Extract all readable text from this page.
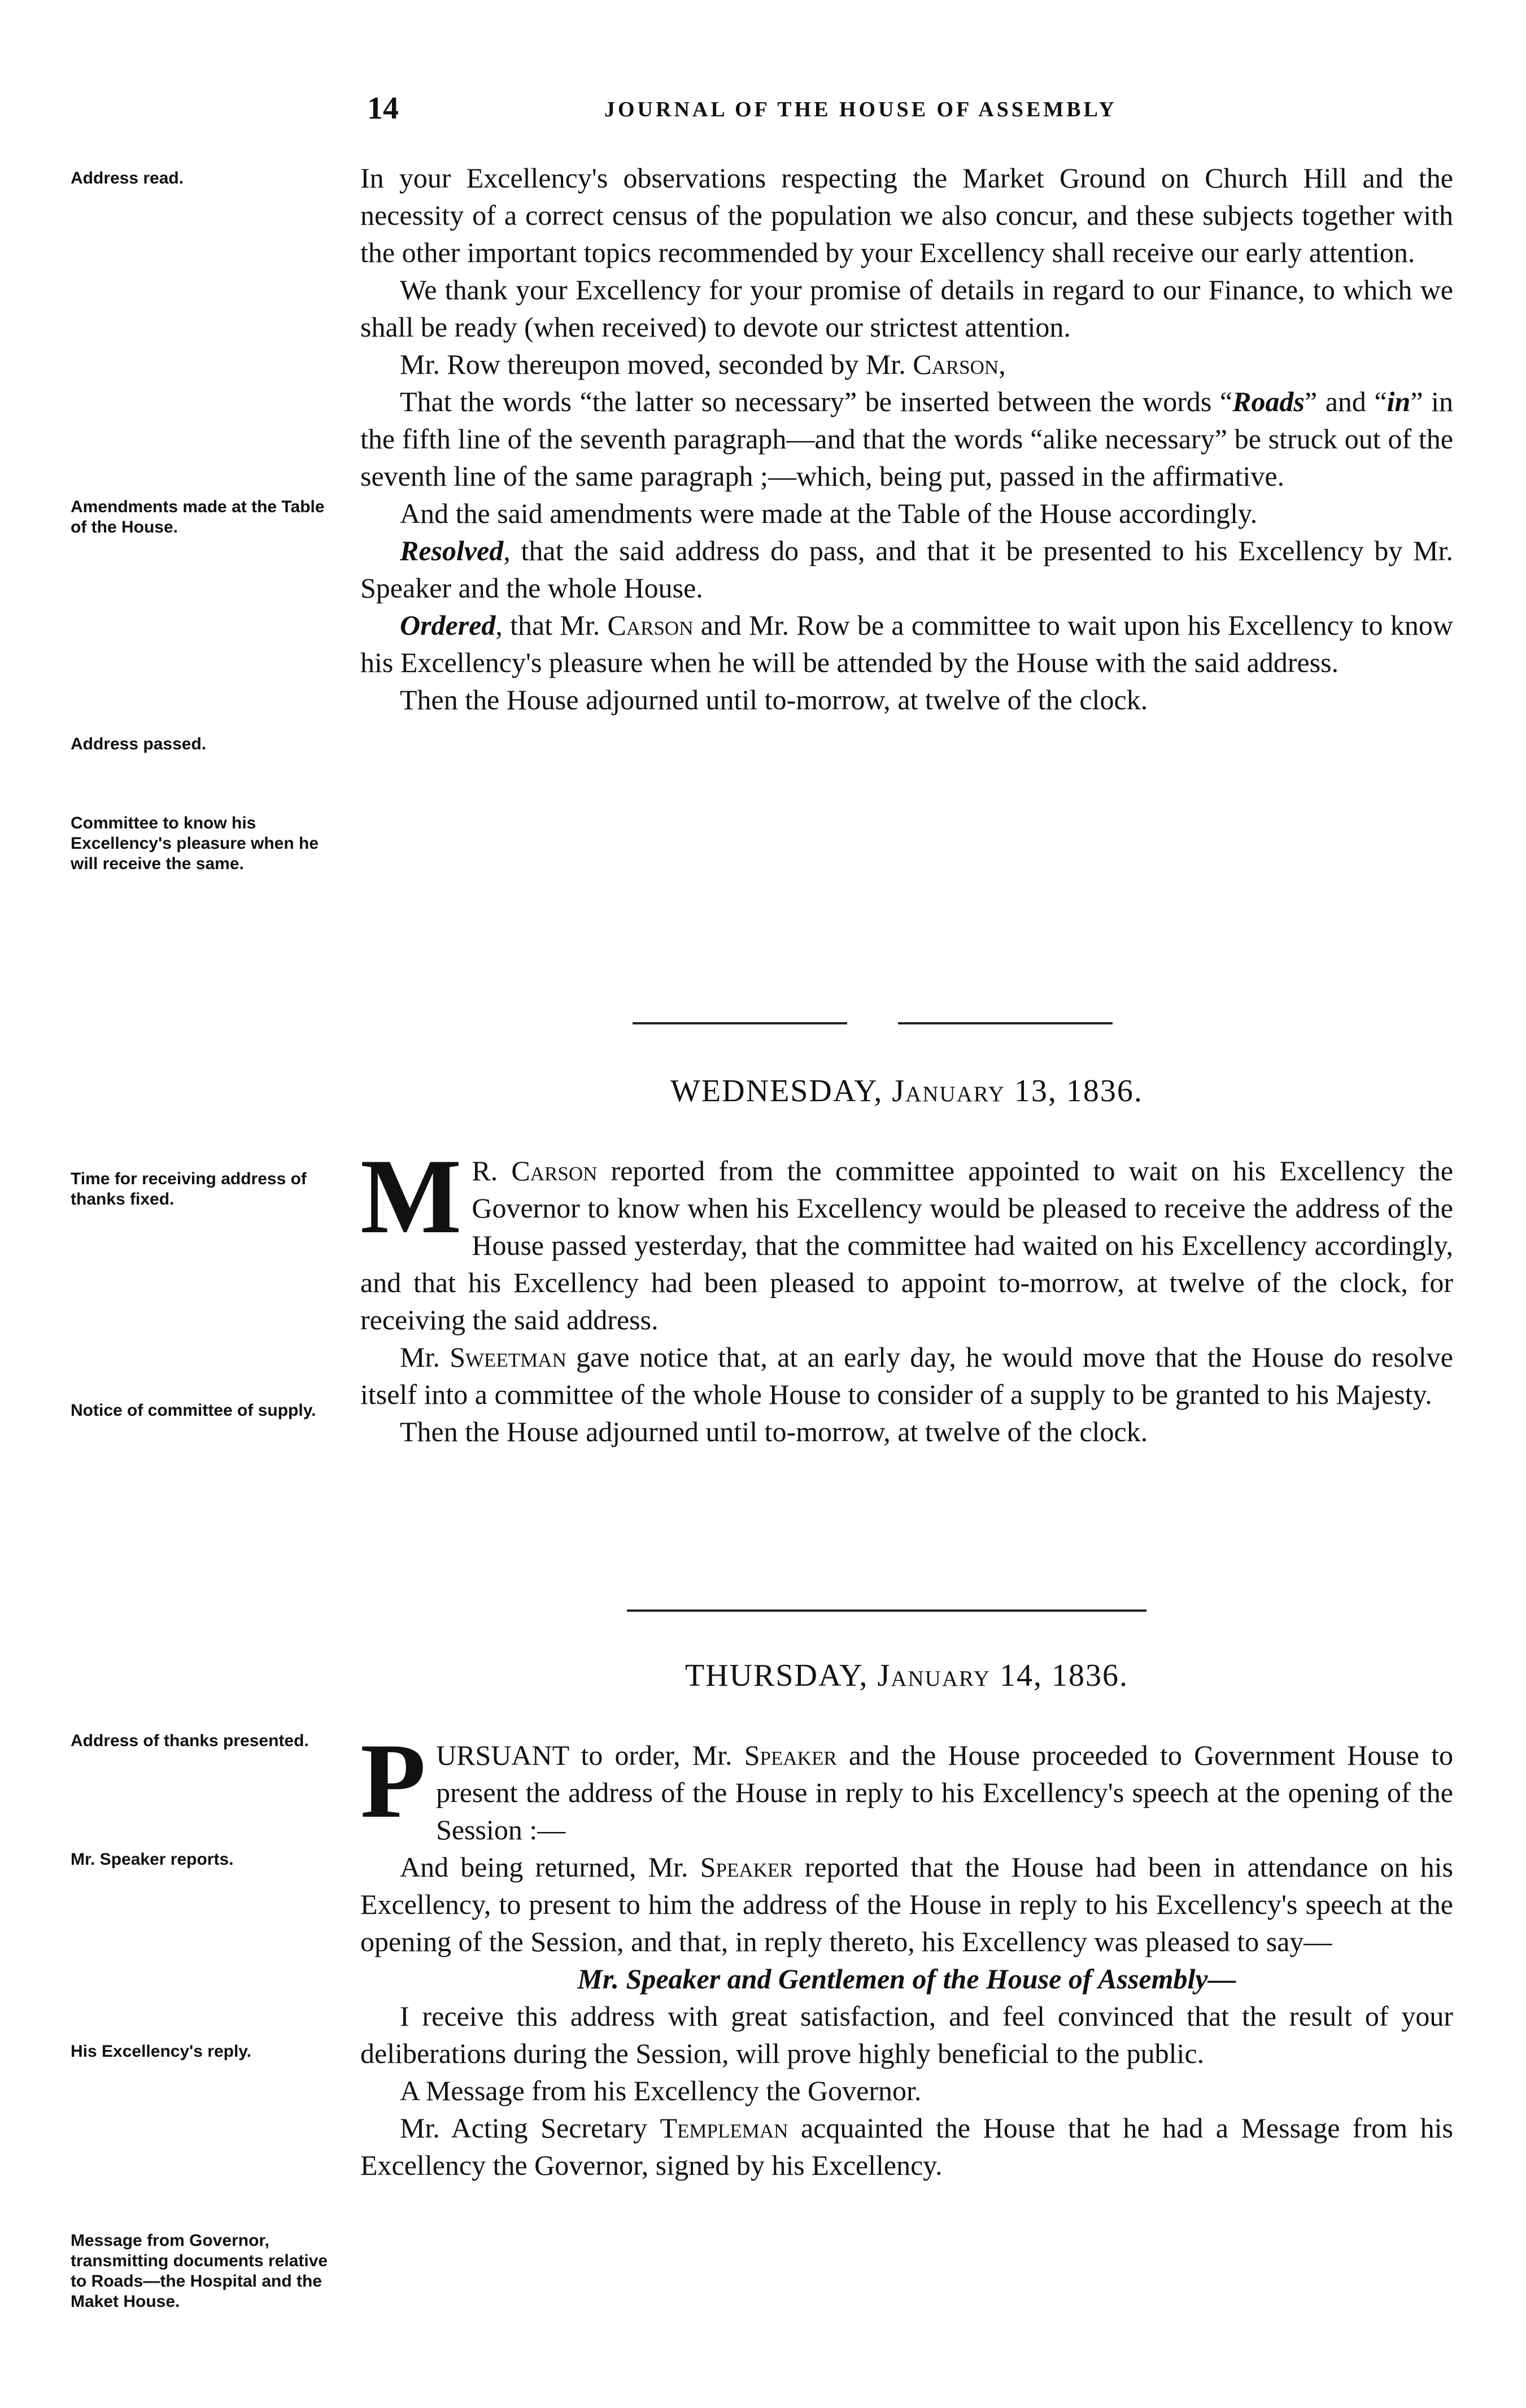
14	JOURNAL OF THE HOUSE OF ASSEMBLY
Address read.
Amendments made at the Table of the House.
Address passed.
Committee to know his Excellency's pleasure when he will receive the same.
Time for receiving address of thanks fixed.
Notice of committee of supply.
Address of thanks presented.
Mr. Speaker reports.
His Excellency's reply.
Message from Governor, transmitting documents relative to Roads—the Hospital and the Maket House.

In your Excellency's observations respecting the Market Ground on Church Hill and the necessity of a correct census of the population we also concur, and these subjects together with the other important topics recommended by your Excellency shall receive our early attention.

We thank your Excellency for your promise of details in regard to our Finance, to which we shall be ready (when received) to devote our strictest attention.

Mr. Row thereupon moved, seconded by Mr. Carson,

That the words “the latter so necessary” be inserted between the words “Roads” and “in” in the fifth line of the seventh paragraph—and that the words “alike necessary” be struck out of the seventh line of the same paragraph ;—which, being put, passed in the affirmative.

And the said amendments were made at the Table of the House accordingly.

Resolved, that the said address do pass, and that it be presented to his Excellency by Mr. Speaker and the whole House.

Ordered, that Mr. Carson and Mr. Row be a committee to wait upon his Excellency to know his Excellency's pleasure when he will be attended by the House with the said address.

Then the House adjourned until to-morrow, at twelve of the clock.

WEDNESDAY, January 13, 1836.

M R. Carson reported from the committee appointed to wait on his Excellency the Governor to know when his Excellency would be pleased to receive the address of the House passed yesterday, that the committee had waited on his Excellency accordingly, and that his Excellency had been pleased to appoint to-morrow, at twelve of the clock, for receiving the said address.

Mr. Sweetman gave notice that, at an early day, he would move that the House do resolve itself into a committee of the whole House to consider of a supply to be granted to his Majesty.

Then the House adjourned until to-morrow, at twelve of the clock.

THURSDAY, January 14, 1836.

PURSUANT to order, Mr. Speaker and the House proceeded to Government House to present the address of the House in reply to his Excellency's speech at the opening of the Session :—

And being returned, Mr. Speaker reported that the House had been in attendance on his Excellency, to present to him the address of the House in reply to his Excellency's speech at the opening of the Session, and that, in reply thereto, his Excellency was pleased to say—

Mr. Speaker and Gentlemen of the House of Assembly—

I receive this address with great satisfaction, and feel convinced that the result of your deliberations during the Session, will prove highly beneficial to the public.

A Message from his Excellency the Governor.

Mr. Acting Secretary Templeman acquainted the House that he had a Message from his Excellency the Governor, signed by his Excellency.
